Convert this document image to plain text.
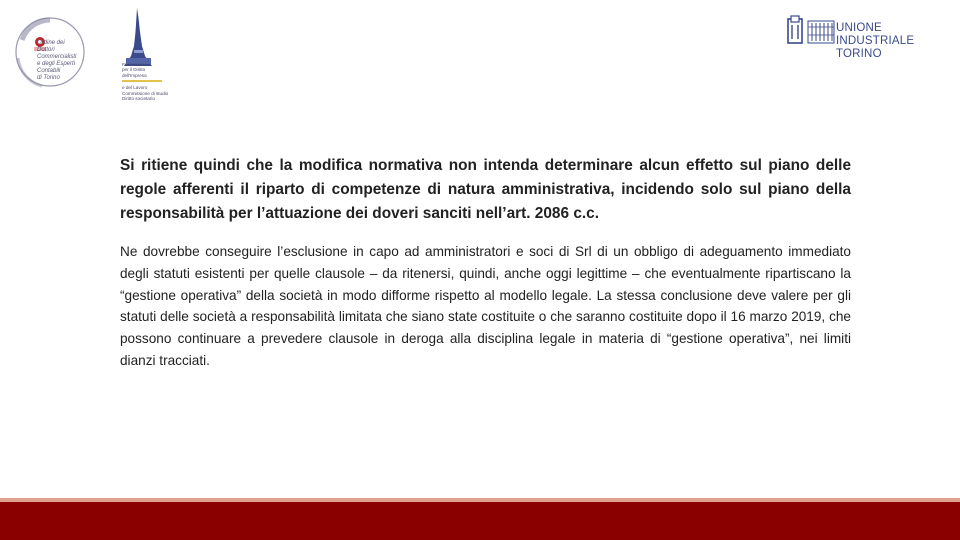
Ordine dei
Dottori Commercialisti
e degli Esperti Contabili
di Torino
Fondazione
per il Diritto
dell'Impresa
e del Lavoro
Commissione di studio
Diritto societario
UNIONE INDUSTRIALE
TORINO

Si ritiene quindi che la modifica normativa non intenda determinare alcun effetto sul piano delle regole afferenti il riparto di competenze di natura amministrativa, incidendo solo sul piano della responsabilità per l’attuazione dei doveri sanciti nell’art. 2086 c.c.

Ne dovrebbe conseguire l’esclusione in capo ad amministratori e soci di Srl di un obbligo di adeguamento immediato degli statuti esistenti per quelle clausole – da ritenersi, quindi, anche oggi legittime – che eventualmente ripartiscano la “gestione operativa” della società in modo difforme rispetto al modello legale. La stessa conclusione deve valere per gli statuti delle società a responsabilità limitata che siano state costituite o che saranno costituite dopo il 16 marzo 2019, che possono continuare a prevedere clausole in deroga alla disciplina legale in materia di “gestione operativa”, nei limiti dianzi tracciati.
